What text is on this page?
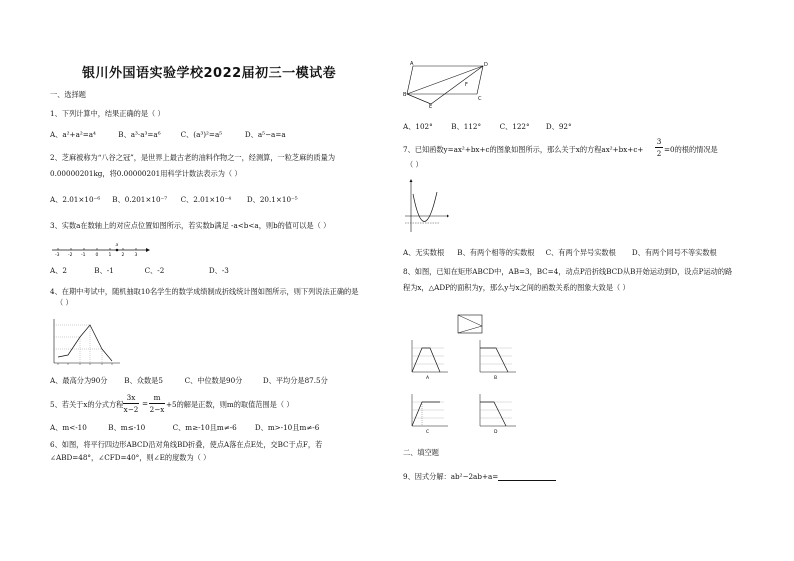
银川外国语实验学校2022届初三一模试卷
一、选择题
1、下列计算中，结果正确的是（ ）
A、a²+a²=a⁴	B、a³·a³=a⁶	C、(a³)²=a⁵	D、a⁵−a=a
2、芝麻被称为“八谷之冠”，是世界上最古老的油料作物之一，经测算，一粒芝麻的质量为
0.00000201kg，将0.00000201用科学计数法表示为（ ）
A、2.01×10⁻⁶ B、0.201×10⁻⁷ C、2.01×10⁻⁴ D、20.1×10⁻⁵
3、实数a在数轴上的对应点位置如图所示，若实数b满足 -a<b<a，则b的值可以是（ ）
-3 -2 -1 0 1 2 3
a
A、2	B、-1	C、-2	D、-3
4、在期中考试中，随机抽取10名学生的数学成绩制成折线统计图如图所示，则下列说法正确的是
（ ）
A、最高分为90分 B、众数是5	C、中位数是90分	D、平均分是87.5分
5、若关于x的分式方程
3x
x−2
=
m
2−x
+5的解是正数，则m的取值范围是（ ）
A、m<-10	B、m≤-10	C、m≥-10且m≠-6	D、m>-10且m≠-6
6、如图，将平行四边形ABCD沿对角线BD折叠，使点A落在点E处，交BC于点F，若
∠ABD=48°，∠CFD=40°，则∠E的度数为（ ）
A
B
C
D
E
F
A、102°	B、112°	C、122° D、92°
7、已知函数y=ax²+bx+c的图象如图所示，那么关于x的方程ax²+bx+c+
3
2 =0的根的情况是
（ ）
A、无实数根 B、有两个相等的实数根 C、有两个异号实数根 D、有两个同号不等实数根
8、如图，已知在矩形ABCD中，AB=3，BC=4，动点P沿折线BCD从B开始运动到D，设点P运动的路
程为x，△ADP的面积为y，那么y与x之间的函数关系的图象大致是（ ）
A	B
C	D
二、填空题
9、因式分解：ab²−2ab+a=
